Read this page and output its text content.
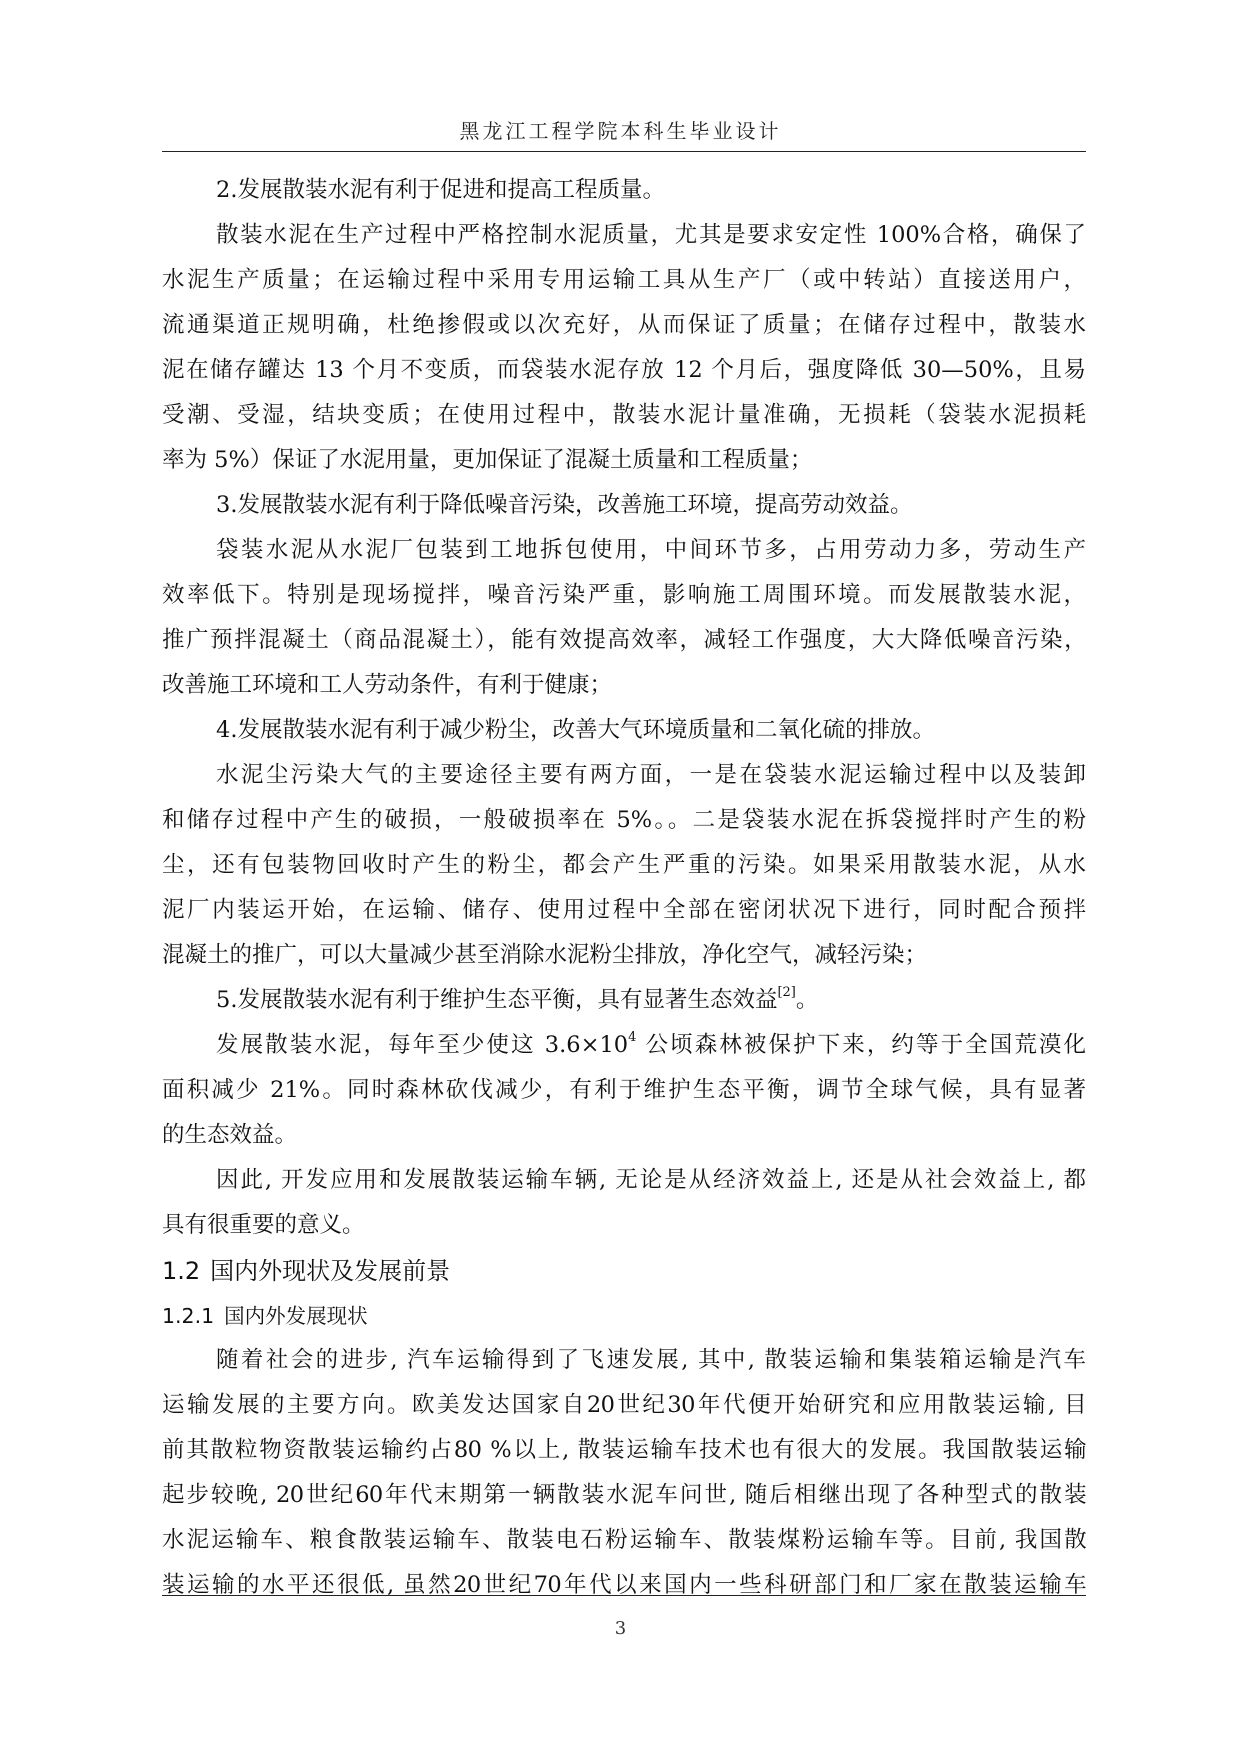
黑龙江工程学院本科生毕业设计
2.发展散装水泥有利于促进和提高工程质量。
散装水泥在生产过程中严格控制水泥质量，尤其是要求安定性 100%合格，确保了
水泥生产质量；在运输过程中采用专用运输工具从生产厂（或中转站）直接送用户，
流通渠道正规明确，杜绝掺假或以次充好，从而保证了质量；在储存过程中，散装水
泥在储存罐达 13 个月不变质，而袋装水泥存放 12 个月后，强度降低 30—50%，且易
受潮、受湿，结块变质；在使用过程中，散装水泥计量准确，无损耗（袋装水泥损耗
率为 5%）保证了水泥用量，更加保证了混凝土质量和工程质量；
3.发展散装水泥有利于降低噪音污染，改善施工环境，提高劳动效益。
袋装水泥从水泥厂包装到工地拆包使用，中间环节多，占用劳动力多，劳动生产
效率低下。特别是现场搅拌，噪音污染严重，影响施工周围环境。而发展散装水泥，
推广预拌混凝土（商品混凝土），能有效提高效率，减轻工作强度，大大降低噪音污染，
改善施工环境和工人劳动条件，有利于健康；
4.发展散装水泥有利于减少粉尘，改善大气环境质量和二氧化硫的排放。
水泥尘污染大气的主要途径主要有两方面，一是在袋装水泥运输过程中以及装卸
和储存过程中产生的破损，一般破损率在 5%。。二是袋装水泥在拆袋搅拌时产生的粉
尘，还有包装物回收时产生的粉尘，都会产生严重的污染。如果采用散装水泥，从水
泥厂内装运开始，在运输、储存、使用过程中全部在密闭状况下进行，同时配合预拌
混凝土的推广，可以大量减少甚至消除水泥粉尘排放，净化空气，减轻污染；
5.发展散装水泥有利于维护生态平衡，具有显著生态效益[2]。
发展散装水泥，每年至少使这 3.6×10$^4$ 公顷森林被保护下来，约等于全国荒漠化
面积减少 21%。同时森林砍伐减少，有利于维护生态平衡，调节全球气候，具有显著
的生态效益。
因此, 开发应用和发展散装运输车辆, 无论是从经济效益上, 还是从社会效益上, 都
具有很重要的意义。
1.2 国内外现状及发展前景
1.2.1 国内外发展现状
随着社会的进步, 汽车运输得到了飞速发展, 其中, 散装运输和集装箱运输是汽车
运输发展的主要方向。欧美发达国家自20世纪30年代便开始研究和应用散装运输, 目
前其散粒物资散装运输约占80 %以上, 散装运输车技术也有很大的发展。我国散装运输
起步较晚, 20世纪60年代末期第一辆散装水泥车问世, 随后相继出现了各种型式的散装
水泥运输车、粮食散装运输车、散装电石粉运输车、散装煤粉运输车等。目前, 我国散
装运输的水平还很低, 虽然20世纪70年代以来国内一些科研部门和厂家在散装运输车
3
